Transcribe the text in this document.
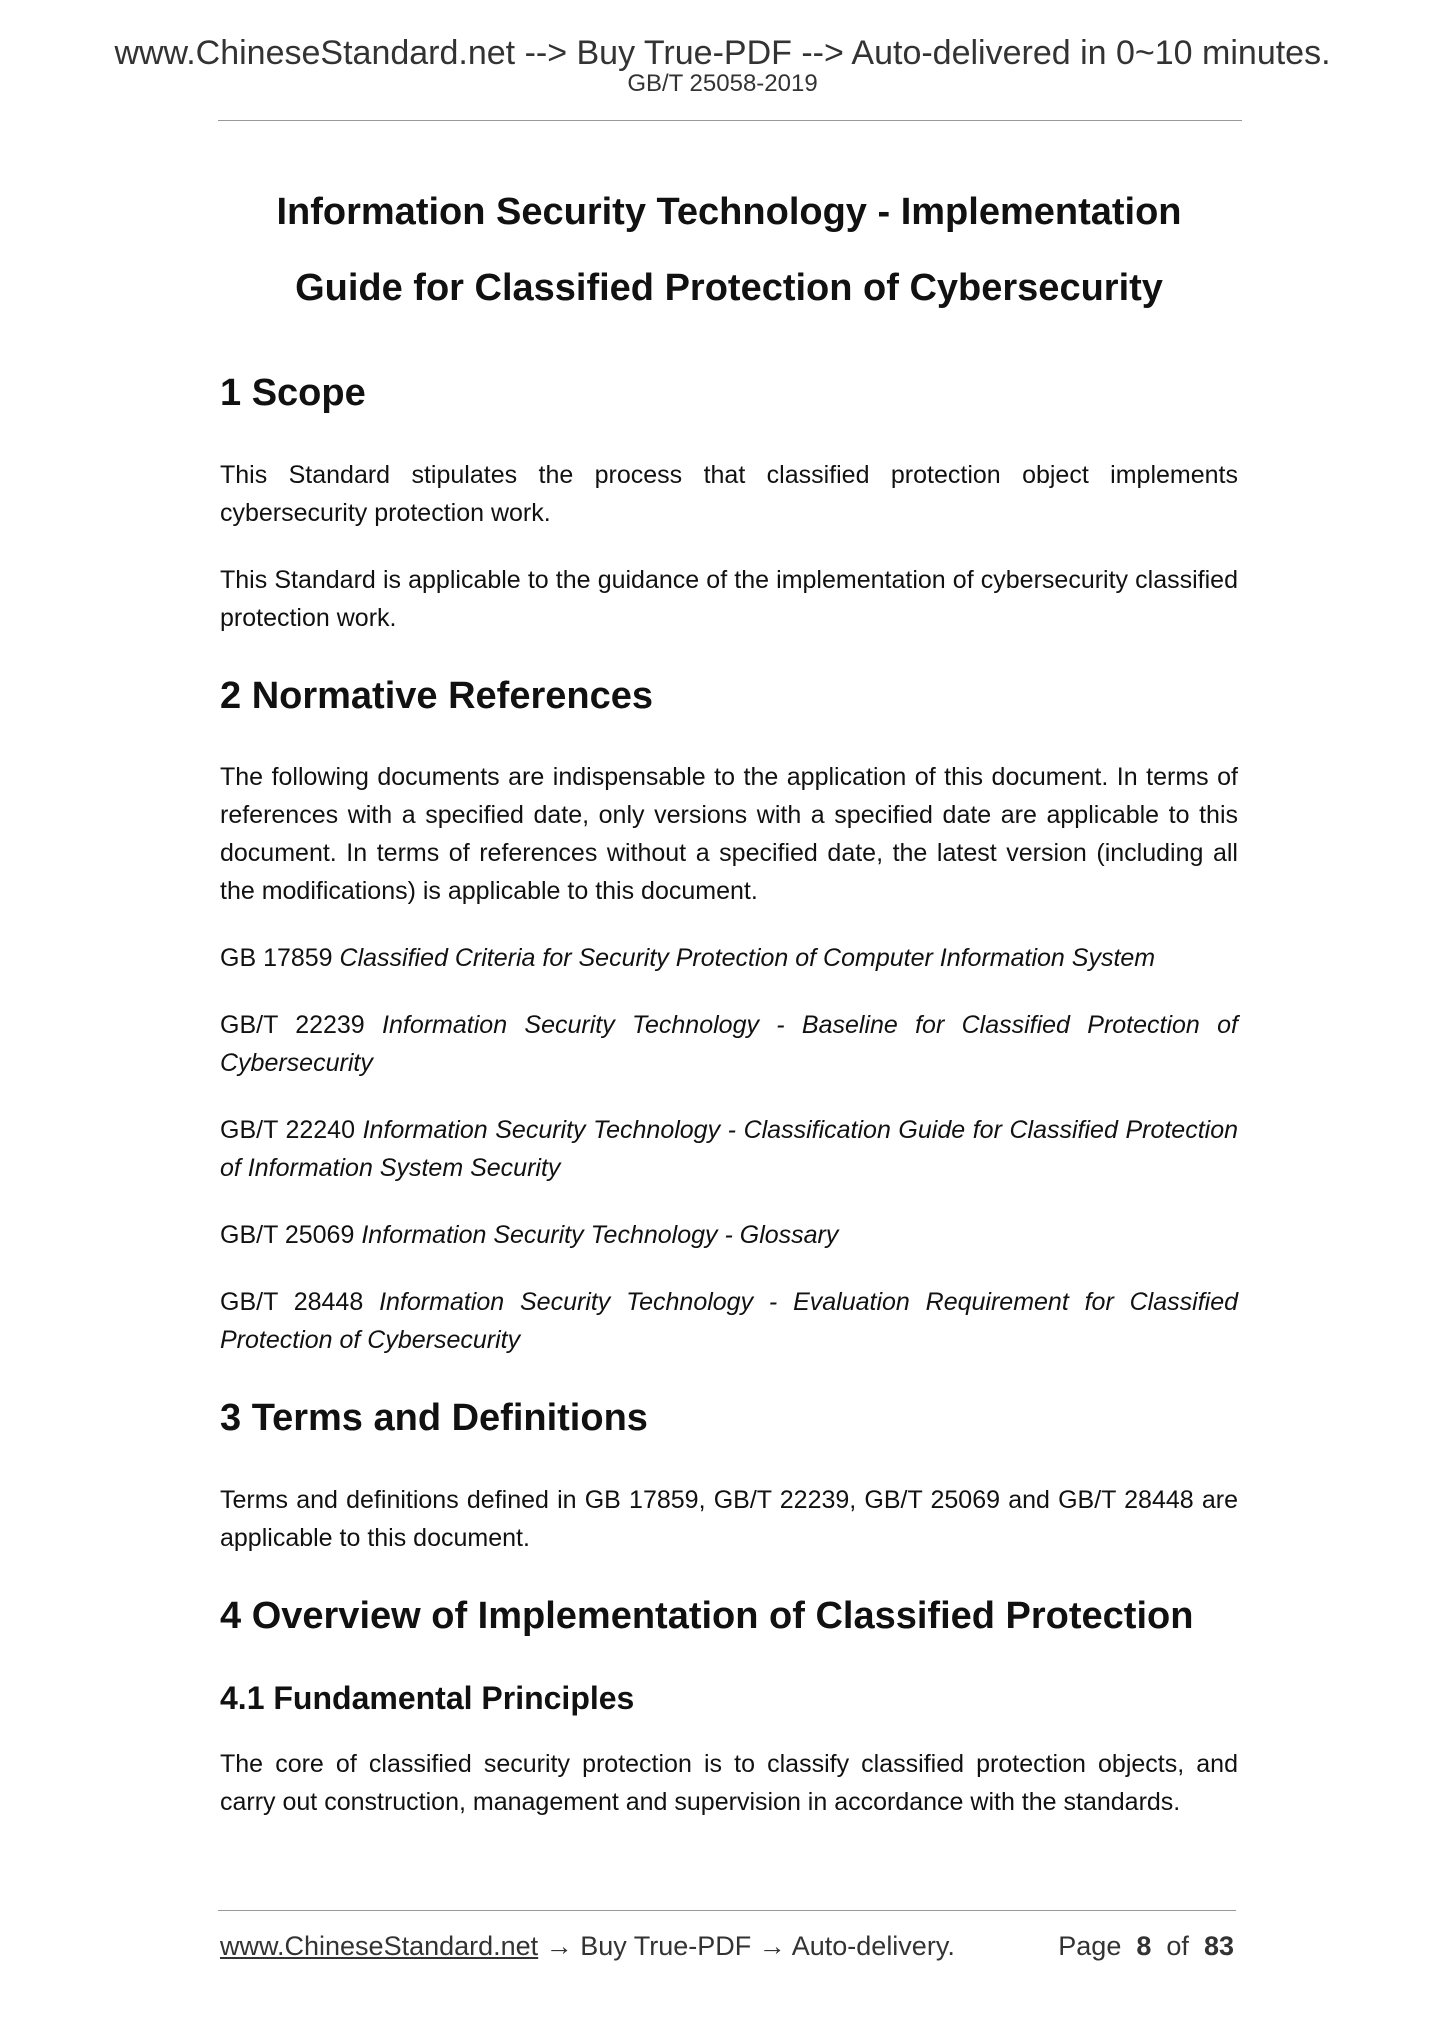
www.ChineseStandard.net --> Buy True-PDF --> Auto-delivered in 0~10 minutes.
GB/T 25058-2019
Information Security Technology - Implementation
Guide for Classified Protection of Cybersecurity
1 Scope

This Standard stipulates the process that classified protection object implements cybersecurity protection work.

This Standard is applicable to the guidance of the implementation of cybersecurity classified protection work.

2 Normative References

The following documents are indispensable to the application of this document. In terms of references with a specified date, only versions with a specified date are applicable to this document. In terms of references without a specified date, the latest version (including all the modifications) is applicable to this document.

GB 17859 Classified Criteria for Security Protection of Computer Information System

GB/T 22239 Information Security Technology - Baseline for Classified Protection of Cybersecurity

GB/T 22240 Information Security Technology - Classification Guide for Classified Protection of Information System Security

GB/T 25069 Information Security Technology - Glossary

GB/T 28448 Information Security Technology - Evaluation Requirement for Classified Protection of Cybersecurity

3 Terms and Definitions

Terms and definitions defined in GB 17859, GB/T 22239, GB/T 25069 and GB/T 28448 are applicable to this document.

4 Overview of Implementation of Classified Protection
4.1 Fundamental Principles

The core of classified security protection is to classify classified protection objects, and carry out construction, management and supervision in accordance with the standards.

www.ChineseStandard.net → Buy True-PDF → Auto-delivery.	Page 8 of 83
